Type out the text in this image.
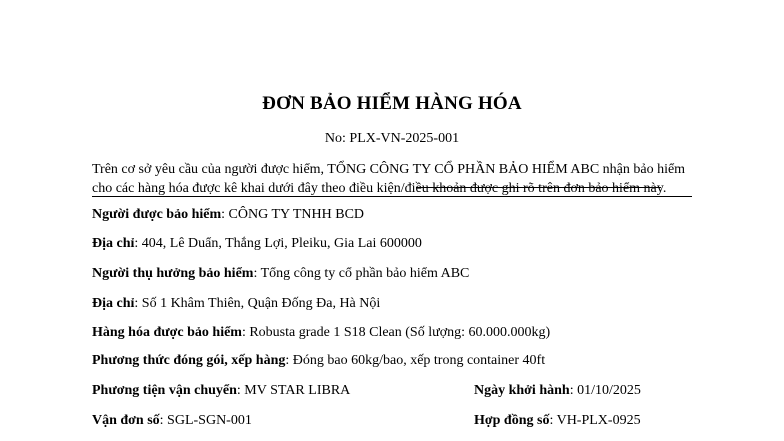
ĐƠN BẢO HIỂM HÀNG HÓA
No: PLX-VN-2025-001
Trên cơ sở yêu cầu của người được hiểm, TỔNG CÔNG TY CỔ PHẦN BẢO HIỂM ABC nhận bảo hiểm
cho các hàng hóa được kê khai dưới đây theo điều kiện/điều khoản được ghi rõ trên đơn bảo hiểm này.
Người được bảo hiểm: CÔNG TY TNHH BCD
Địa chỉ: 404, Lê Duẩn, Thắng Lợi, Pleiku, Gia Lai 600000
Người thụ hưởng bảo hiểm: Tổng công ty cổ phần bảo hiểm ABC
Địa chỉ: Số 1 Khâm Thiên, Quận Đống Đa, Hà Nội
Hàng hóa được bảo hiểm: Robusta grade 1 S18 Clean (Số lượng: 60.000.000kg)
Phương thức đóng gói, xếp hàng: Đóng bao 60kg/bao, xếp trong container 40ft
Phương tiện vận chuyển: MV STAR LIBRA	Ngày khởi hành: 01/10/2025
Vận đơn số: SGL-SGN-001	Hợp đồng số: VH-PLX-0925
